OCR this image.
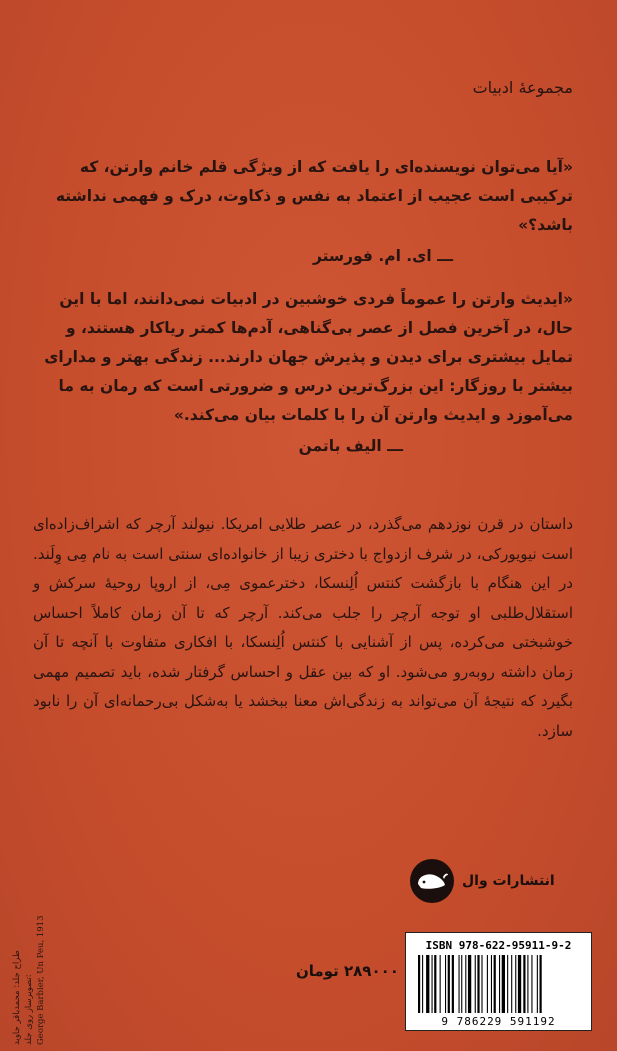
مجموعهٔ ادبیات

«آیا می‌توان نویسنده‌ای را یافت که از ویژگی قلم خانم وارتن، که ترکیبی است عجیب از اعتماد به نفس و ذکاوت، درک و فهمی نداشته باشد؟»

ـــ ای. ام. فورستر

«ایدیث وارتن را عموماً فردی خوشبین در ادبیات نمی‌دانند، اما با این حال، در آخرین فصل از عصر بی‌گناهی، آدم‌ها کمتر ریاکار هستند، و تمایل بیشتری برای دیدن و پذیرش جهان دارند... زندگی بهتر و مدارای بیشتر با روزگار: این بزرگ‌ترین درس و ضرورتی است که رمان به ما می‌آموزد و ایدیث وارتن آن را با کلمات بیان می‌کند.»

ـــ الیف باتمن
داستان در قرن نوزدهم می‌گذرد، در عصر طلایی امریکا. نیولند آرچر که اشراف‌زاده‌ای است نیویورکی، در شرف ازدواج با دختری زیبا از خانواده‌ای سنتی است به نام مِی وِلَند. در این هنگام با بازگشت کنتس اُلِنسکا، دخترعموی مِی، از اروپا روحیهٔ سرکش و استقلال‌طلبی او توجه آرچر را جلب می‌کند. آرچر که تا آن زمان کاملاً احساس خوشبختی می‌کرده، پس از آشنایی با کنتس اُلِنسکا، با افکاری متفاوت با آنچه تا آن زمان داشته روبه‌رو می‌شود. او که بین عقل و احساس گرفتار شده، باید تصمیم مهمی بگیرد که نتیجهٔ آن می‌تواند به زندگی‌اش معنا ببخشد یا به‌شکل بی‌رحمانه‌ای آن را نابود سازد.
انتشارات وال
۲۸۹۰۰۰ تومان
ISBN 978-622-95911-9-2
9 786229 591192
طراح جلد: محمدباقر جاوید تصویرساز روی جلد: George Barbier, Un Peu, 1913
